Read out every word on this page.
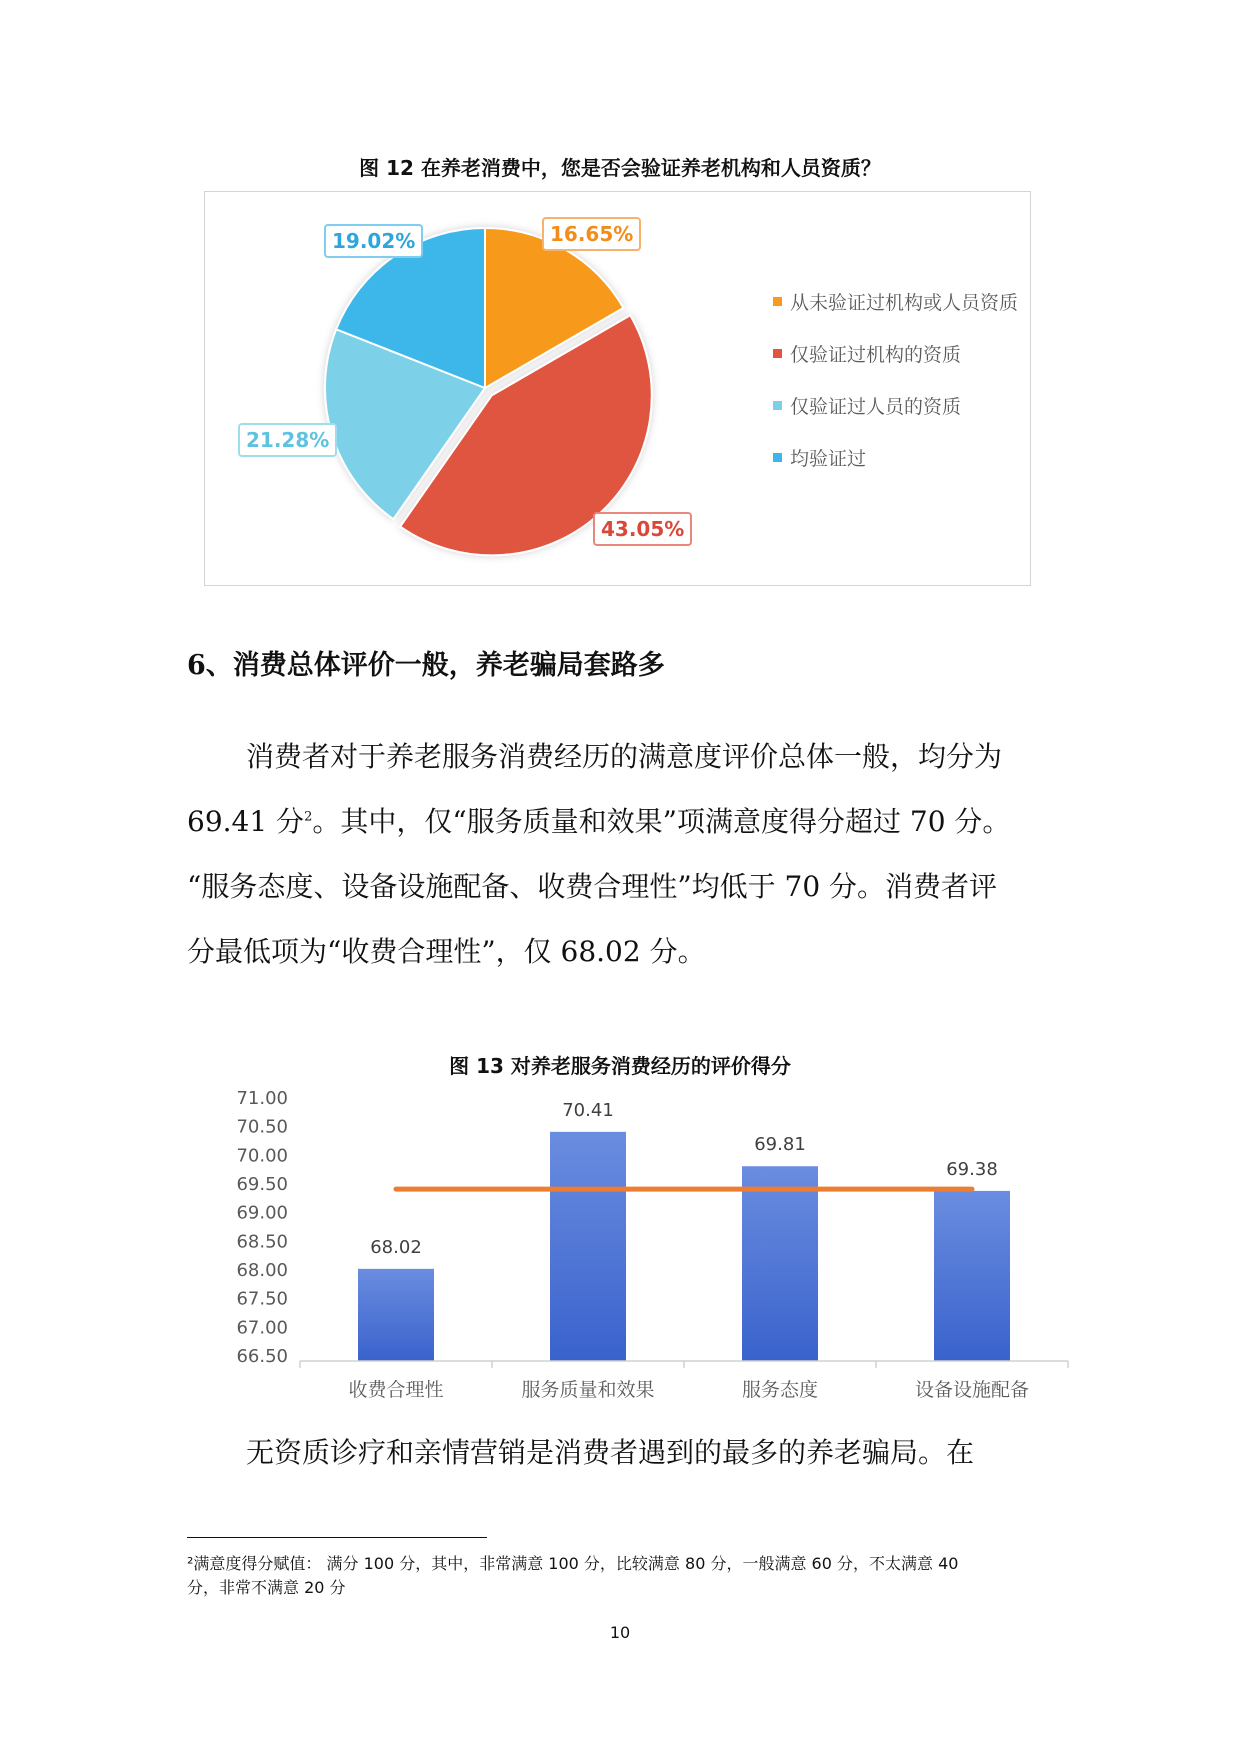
图 12 在养老消费中，您是否会验证养老机构和人员资质？
16.65%
43.05%
21.28%
19.02%
从未验证过机构或人员资质
仅验证过机构的资质
仅验证过人员的资质
均验证过
6、消费总体评价一般，养老骗局套路多
消费者对于养老服务消费经历的满意度评价总体一般，均分为
69.41 分$^2$。其中，仅“服务质量和效果”项满意度得分超过 70 分。
“服务态度、设备设施配备、收费合理性”均低于 70 分。消费者评
分最低项为“收费合理性”，仅 68.02 分。
图 13 对养老服务消费经历的评价得分
71.00
70.50
70.00
69.50
69.00
68.50
68.00
67.50
67.00
66.50
68.02
70.41
69.81
69.38
收费合理性	服务质量和效果	服务态度	设备设施配备
无资质诊疗和亲情营销是消费者遇到的最多的养老骗局。在
²满意度得分赋值： 满分 100 分，其中，非常满意 100 分，比较满意 80 分，一般满意 60 分，不太满意 40
分，非常不满意 20 分
10
